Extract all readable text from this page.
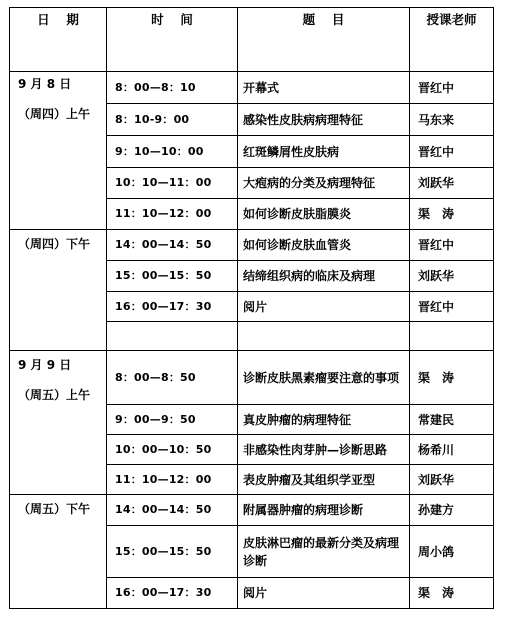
日　 期	时　 间	题　 目	授课老师

9 月 8 日
（周四）上午	8：00—8：10	开幕式	晋红中
	8：10-9：00	感染性皮肤病病理特征	马东来
	9：10—10：00	红斑鳞屑性皮肤病	晋红中
	10：10—11：00	大疱病的分类及病理特征	刘跃华
	11：10—12：00	如何诊断皮肤脂膜炎	渠　涛

（周四）下午	14：00—14：50	如何诊断皮肤血管炎	晋红中
	15：00—15：50	结缔组织病的临床及病理	刘跃华
	16：00—17：30	阅片	晋红中

9 月 9 日
（周五）上午	8：00—8：50	诊断皮肤黑素瘤要注意的事项	渠　涛
	9：00—9：50	真皮肿瘤的病理特征	常建民
	10：00—10：50	非感染性肉芽肿—诊断思路	杨希川
	11：10—12：00	表皮肿瘤及其组织学亚型	刘跃华

（周五）下午	14：00—14：50	附属器肿瘤的病理诊断	孙建方
	15：00—15：50	皮肤淋巴瘤的最新分类及病理诊断	周小鸽
	16：00—17：30	阅片	渠　涛
